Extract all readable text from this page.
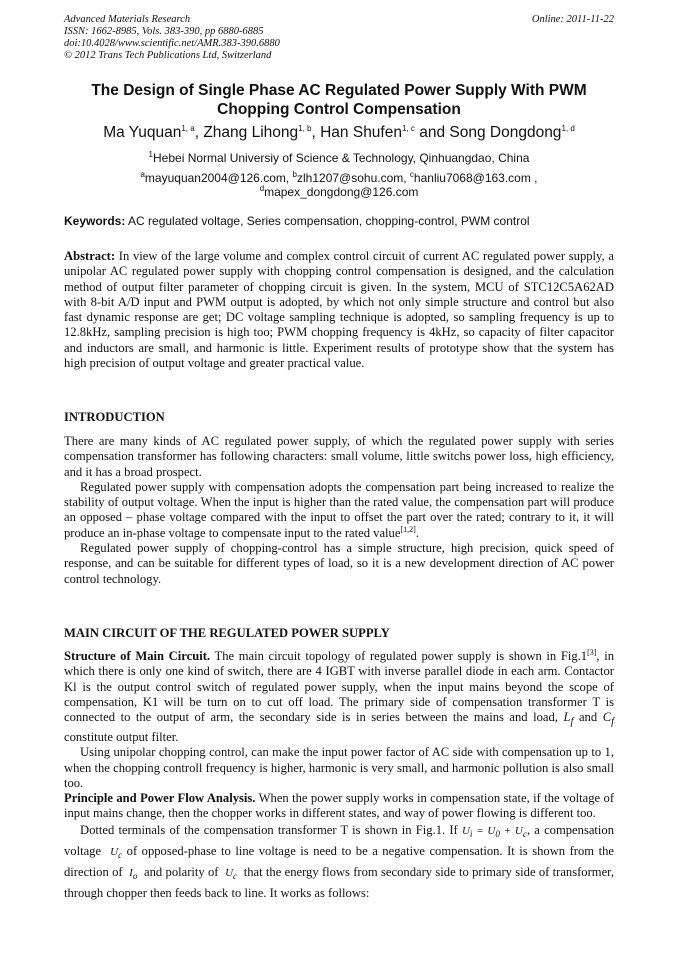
Advanced Materials Research
ISSN: 1662-8985, Vols. 383-390, pp 6880-6885
doi:10.4028/www.scientific.net/AMR.383-390.6880
© 2012 Trans Tech Publications Ltd, Switzerland
Online: 2011-11-22
The Design of Single Phase AC Regulated Power Supply With PWM
Chopping Control Compensation
Ma Yuquan$^{1, a}$, Zhang Lihong$^{1, b}$, Han Shufen$^{1, c}$ and Song Dongdong$^{1, d}$
$^1$Hebei Normal Universiy of Science & Technology, Qinhuangdao, China
$^a$mayuquan2004@126.com, $^b$zlh1207@sohu.com, $^c$hanliu7068@163.com ,
$^d$mapex_dongdong@126.com
Keywords: AC regulated voltage, Series compensation, chopping-control, PWM control

Abstract: In view of the large volume and complex control circuit of current AC regulated power supply, a unipolar AC regulated power supply with chopping control compensation is designed, and the calculation method of output filter parameter of chopping circuit is given. In the system, MCU of STC12C5A62AD with 8-bit A/D input and PWM output is adopted, by which not only simple structure and control but also fast dynamic response are get; DC voltage sampling technique is adopted, so sampling frequency is up to 12.8kHz, sampling precision is high too; PWM chopping frequency is 4kHz, so capacity of filter capacitor and inductors are small, and harmonic is little. Experiment results of prototype show that the system has high precision of output voltage and greater practical value.

INTRODUCTION

There are many kinds of AC regulated power supply, of which the regulated power supply with series compensation transformer has following characters: small volume, little switchs power loss, high efficiency, and it has a broad prospect.

Regulated power supply with compensation adopts the compensation part being increased to realize the stability of output voltage. When the input is higher than the rated value, the compensation part will produce an opposed – phase voltage compared with the input to offset the part over the rated; contrary to it, it will produce an in-phase voltage to compensate input to the rated value[1,2].

Regulated power supply of chopping-control has a simple structure, high precision, quick speed of response, and can be suitable for different types of load, so it is a new development direction of AC power control technology.

MAIN CIRCUIT OF THE REGULATED POWER SUPPLY

Structure of Main Circuit. The main circuit topology of regulated power supply is shown in Fig.1[3], in which there is only one kind of switch, there are 4 IGBT with inverse parallel diode in each arm. Contactor Kl is the output control switch of regulated power supply, when the input mains beyond the scope of compensation, K1 will be turn on to cut off load. The primary side of compensation transformer T is connected to the output of arm, the secondary side is in series between the mains and load, $L_f$ and $C_f$ constitute output filter.

Using unipolar chopping control, can make the input power factor of AC side with compensation up to 1, when the chopping controll frequency is higher, harmonic is very small, and harmonic pollution is also small too.

Principle and Power Flow Analysis. When the power supply works in compensation state, if the voltage of input mains change, then the chopper works in different states, and way of power flowing is different too.

Dotted terminals of the compensation transformer T is shown in Fig.1. If $U_i = U_0 + U_c$, a compensation voltage $U_c$ of opposed-phase to line voltage is need to be a negative compensation. It is shown from the direction of $I_o$ and polarity of $U_c$ that the energy flows from secondary side to primary side of transformer, through chopper then feeds back to line. It works as follows:
